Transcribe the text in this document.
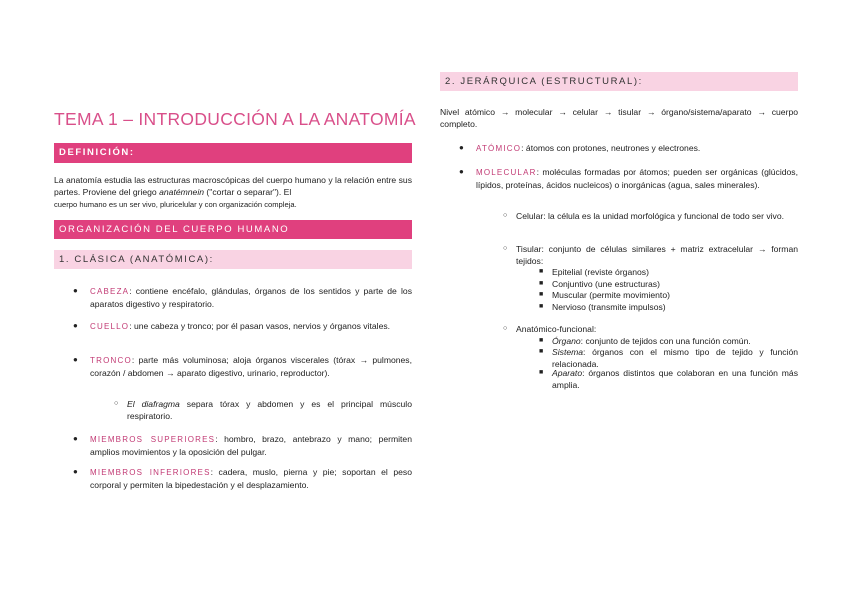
TEMA 1 – INTRODUCCIÓN A LA ANATOMÍA
DEFINICIÓN:
La anatomía estudia las estructuras macroscópicas del cuerpo humano y la relación entre sus partes. Proviene del griego anatémnein ("cortar o separar"). El
cuerpo humano es un ser vivo, pluricelular y con organización compleja.
ORGANIZACIÓN DEL CUERPO HUMANO
1. CLÁSICA (ANATÓMICA):
● CABEZA: contiene encéfalo, glándulas, órganos de los sentidos y parte de los aparatos digestivo y respiratorio.
● CUELLO: une cabeza y tronco; por él pasan vasos, nervios y órganos vitales.
● TRONCO: parte más voluminosa; aloja órganos viscerales (tórax → pulmones, corazón / abdomen → aparato digestivo, urinario, reproductor).
○ El diafragma separa tórax y abdomen y es el principal músculo respiratorio.
● MIEMBROS SUPERIORES: hombro, brazo, antebrazo y mano; permiten amplios movimientos y la oposición del pulgar.
● MIEMBROS INFERIORES: cadera, muslo, pierna y pie; soportan el peso corporal y permiten la bipedestación y el desplazamiento.
2. JERÁRQUICA (ESTRUCTURAL):
Nivel atómico → molecular → celular → tisular → órgano/sistema/aparato → cuerpo completo.
● ATÓMICO: átomos con protones, neutrones y electrones.
● MOLECULAR: moléculas formadas por átomos; pueden ser orgánicas (glúcidos, lípidos, proteínas, ácidos nucleicos) o inorgánicas (agua, sales minerales).
○ Celular: la célula es la unidad morfológica y funcional de todo ser vivo.
○ Tisular: conjunto de células similares + matriz extracelular → forman tejidos:
■ Epitelial (reviste órganos)
■ Conjuntivo (une estructuras)
■ Muscular (permite movimiento)
■ Nervioso (transmite impulsos)
○ Anatómico-funcional:
■ Órgano: conjunto de tejidos con una función común.
■ Sistema: órganos con el mismo tipo de tejido y función relacionada.
■ Aparato: órganos distintos que colaboran en una función más amplia.
